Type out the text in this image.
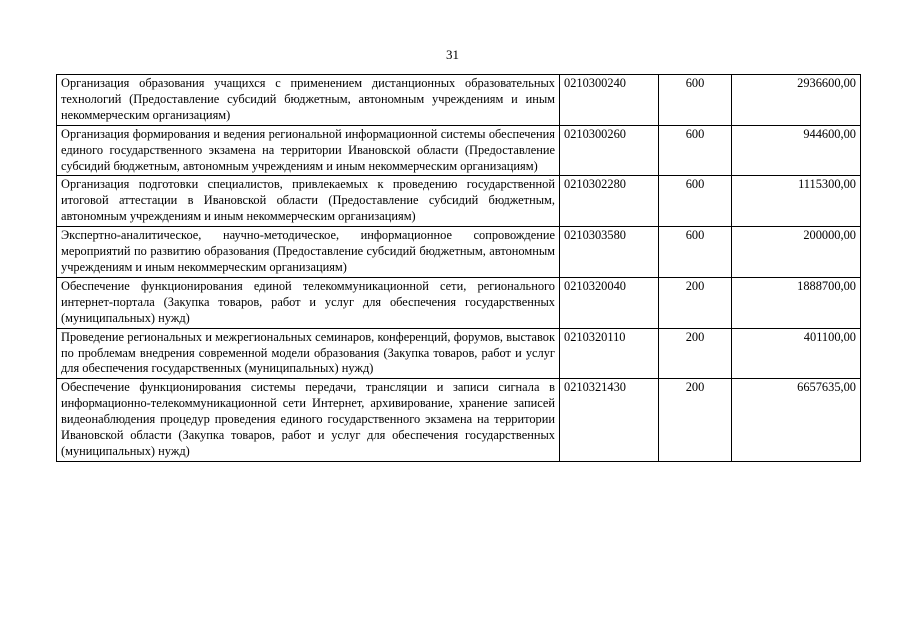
31
Организация образования учащихся с применением дистанционных образовательных технологий (Предоставление субсидий бюджетным, автономным учреждениям и иным некоммерческим организациям)	0210300240	600	2936600,00
Организация формирования и ведения региональной информационной системы обеспечения единого государственного экзамена на территории Ивановской области (Предоставление субсидий бюджетным, автономным учреждениям и иным некоммерческим организациям)	0210300260	600	944600,00
Организация подготовки специалистов, привлекаемых к проведению государственной итоговой аттестации в Ивановской области (Предоставление субсидий бюджетным, автономным учреждениям и иным некоммерческим организациям)	0210302280	600	1115300,00
Экспертно-аналитическое, научно-методическое, информационное сопровождение мероприятий по развитию образования (Предоставление субсидий бюджетным, автономным учреждениям и иным некоммерческим организациям)	0210303580	600	200000,00
Обеспечение функционирования единой телекоммуникационной сети, регионального интернет-портала (Закупка товаров, работ и услуг для обеспечения государственных (муниципальных) нужд)	0210320040	200	1888700,00
Проведение региональных и межрегиональных семинаров, конференций, форумов, выставок по проблемам внедрения современной модели образования (Закупка товаров, работ и услуг для обеспечения государственных (муниципальных) нужд)	0210320110	200	401100,00
Обеспечение функционирования системы передачи, трансляции и записи сигнала в информационно-телекоммуникационной сети Интернет, архивирование, хранение записей видеонаблюдения процедур проведения единого государственного экзамена на территории Ивановской области (Закупка товаров, работ и услуг для обеспечения государственных (муниципальных) нужд)	0210321430	200	6657635,00
